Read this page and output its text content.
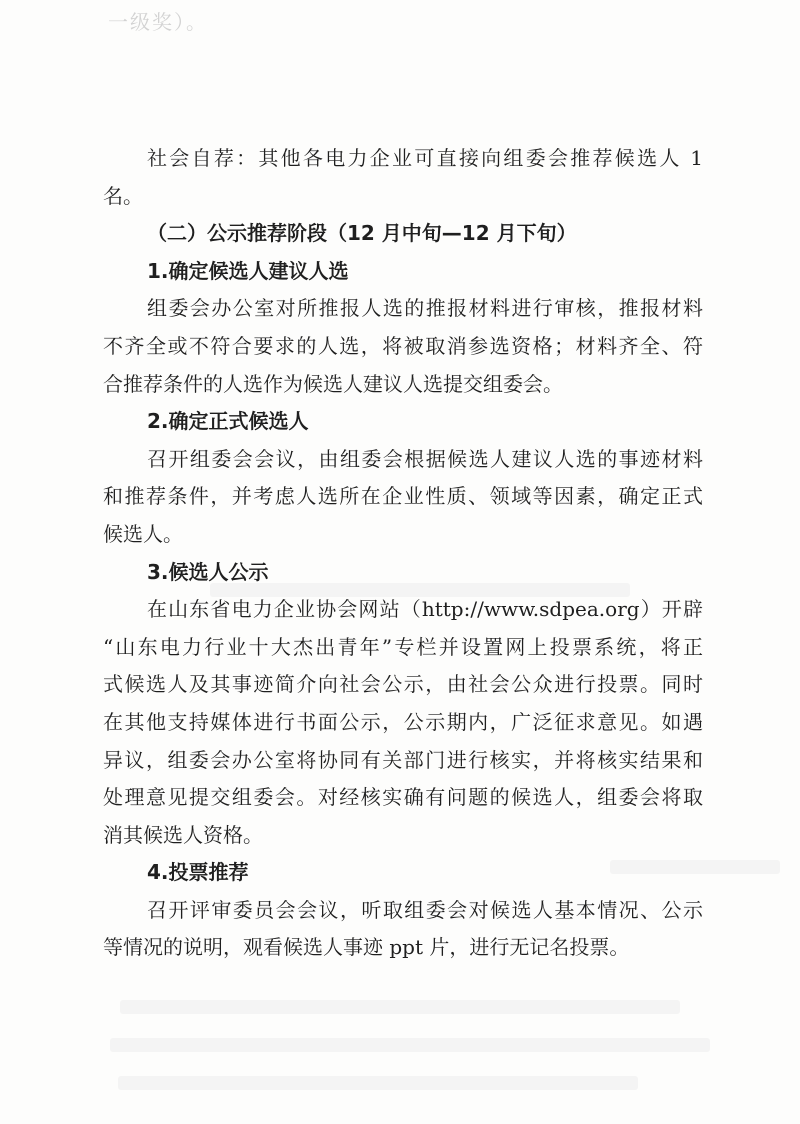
一级奖）。
社会自荐：其他各电力企业可直接向组委会推荐候选人 1
名。
（二）公示推荐阶段（12 月中旬—12 月下旬）
1.确定候选人建议人选
组委会办公室对所推报人选的推报材料进行审核，推报材料
不齐全或不符合要求的人选，将被取消参选资格；材料齐全、符
合推荐条件的人选作为候选人建议人选提交组委会。
2.确定正式候选人
召开组委会会议，由组委会根据候选人建议人选的事迹材料
和推荐条件，并考虑人选所在企业性质、领域等因素，确定正式
候选人。
3.候选人公示
在山东省电力企业协会网站（http://www.sdpea.org）开辟
“山东电力行业十大杰出青年”专栏并设置网上投票系统，将正
式候选人及其事迹简介向社会公示，由社会公众进行投票。同时
在其他支持媒体进行书面公示，公示期内，广泛征求意见。如遇
异议，组委会办公室将协同有关部门进行核实，并将核实结果和
处理意见提交组委会。对经核实确有问题的候选人，组委会将取
消其候选人资格。
4.投票推荐
召开评审委员会会议，听取组委会对候选人基本情况、公示
等情况的说明，观看候选人事迹 ppt 片，进行无记名投票。
